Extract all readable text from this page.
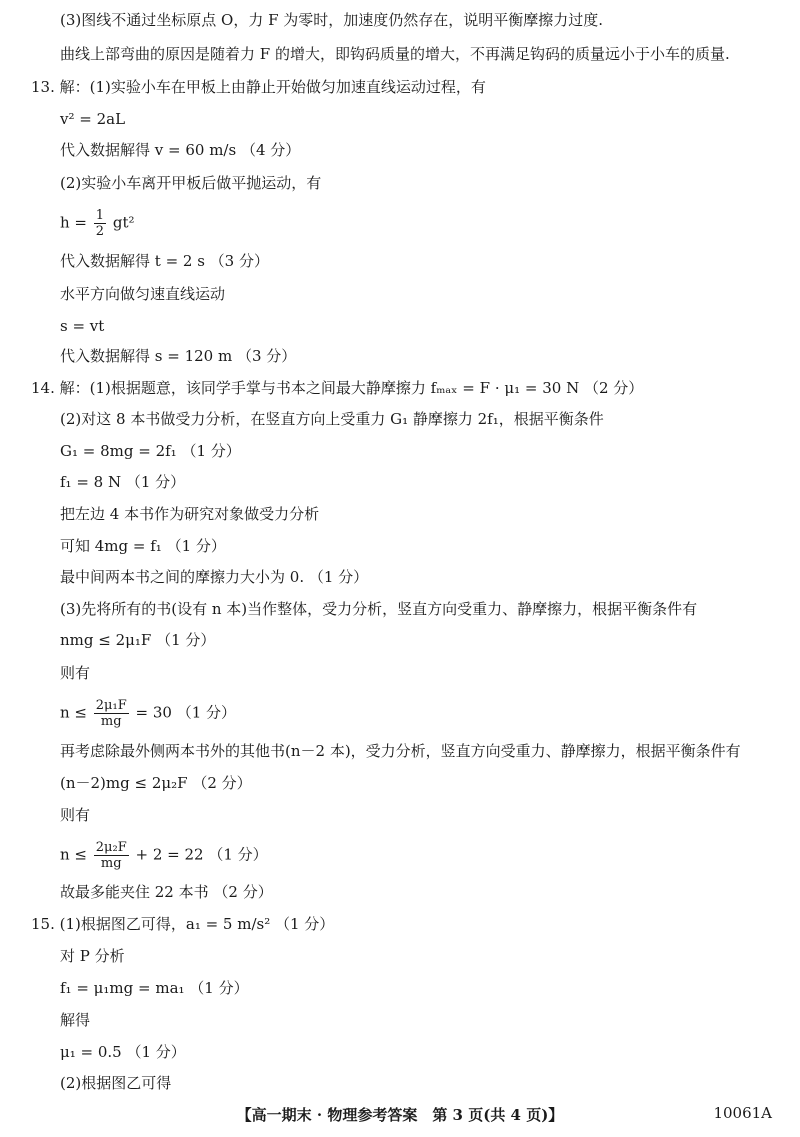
(3)图线不通过坐标原点 O，力 F 为零时，加速度仍然存在，说明平衡摩擦力过度.
曲线上部弯曲的原因是随着力 F 的增大，即钩码质量的增大，不再满足钩码的质量远小于小车的质量.
13. 解：(1)实验小车在甲板上由静止开始做匀加速直线运动过程，有
v² = 2aL
代入数据解得 v = 60 m/s （4 分）
(2)实验小车离开甲板后做平抛运动，有
$h = \frac{1}{2} gt^2$
代入数据解得 t = 2 s （3 分）
水平方向做匀速直线运动
s = vt
代入数据解得 s = 120 m （3 分）
14. 解：(1)根据题意，该同学手掌与书本之间最大静摩擦力 fₘₐₓ = F · μ₁ = 30 N （2 分）
(2)对这 8 本书做受力分析，在竖直方向上受重力 G₁ 静摩擦力 2f₁，根据平衡条件
G₁ = 8mg = 2f₁ （1 分）
f₁ = 8 N （1 分）
把左边 4 本书作为研究对象做受力分析
可知 4mg = f₁ （1 分）
最中间两本书之间的摩擦力大小为 0. （1 分）
(3)先将所有的书(设有 n 本)当作整体，受力分析，竖直方向受重力、静摩擦力，根据平衡条件有
nmg ≤ 2μ₁F （1 分）
则有
$n \le \frac{\text{2μ₁F}}{mg} = 30$ （1 分）
再考虑除最外侧两本书外的其他书(n－2 本)，受力分析，竖直方向受重力、静摩擦力，根据平衡条件有
(n－2)mg ≤ 2μ₂F （2 分）
则有
$n \le \frac{\text{2μ₂F}}{mg} + 2 = 22$ （1 分）
故最多能夹住 22 本书 （2 分）
15. (1)根据图乙可得，a₁ = 5 m/s² （1 分）
对 P 分析
f₁ = μ₁mg = ma₁ （1 分）
解得
μ₁ = 0.5 （1 分）
(2)根据图乙可得
【高一期末 · 物理参考答案　第 3 页(共 4 页)】	10061A
